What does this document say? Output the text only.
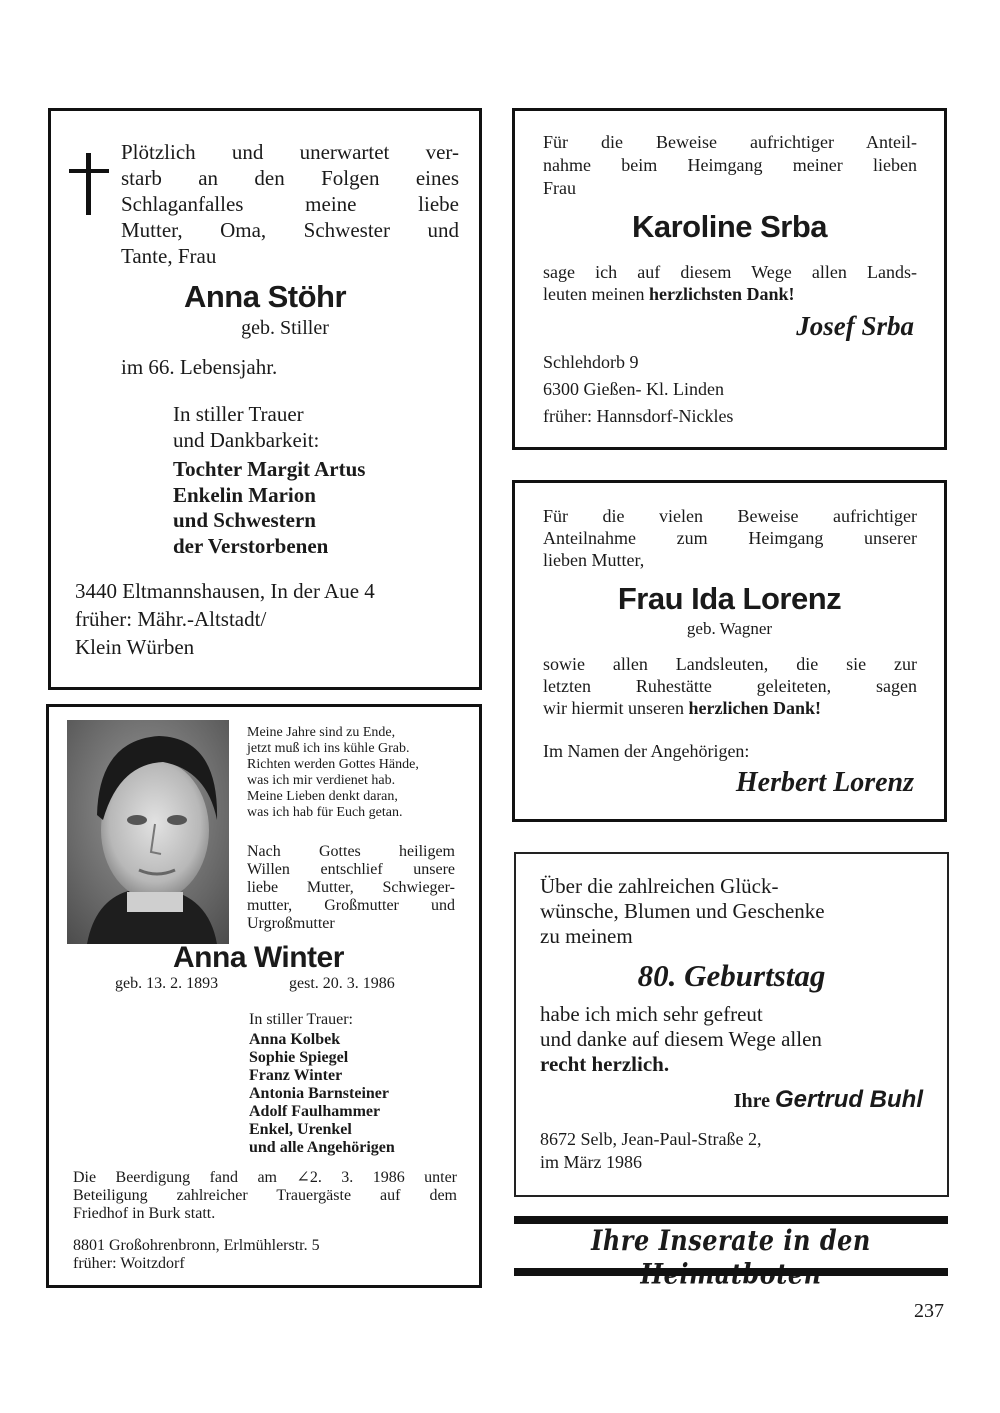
Plötzlich und unerwartet ver-
starb an den Folgen eines
Schlaganfalles meine liebe
Mutter, Oma, Schwester und
Tante, Frau
Anna Stöhr
geb. Stiller
im 66. Lebensjahr.
In stiller Trauer
und Dankbarkeit:
Tochter Margit Artus
Enkelin Marion
und Schwestern
der Verstorbenen
3440 Eltmannshausen, In der Aue 4
früher: Mähr.-Altstadt/
Klein Würben
Für die Beweise aufrichtiger Anteil-
nahme beim Heimgang meiner lieben
Frau
Karoline Srba
sage ich auf diesem Wege allen Lands-
leuten meinen herzlichsten Dank!
Josef Srba
Schlehdorb 9
6300 Gießen- Kl. Linden
früher: Hannsdorf-Nickles
Für die vielen Beweise aufrichtiger
Anteilnahme zum Heimgang unserer
lieben Mutter,
Frau Ida Lorenz
geb. Wagner
sowie allen Landsleuten, die sie zur
letzten Ruhestätte geleiteten, sagen
wir hiermit unseren herzlichen Dank!
Im Namen der Angehörigen:
Herbert Lorenz
Meine Jahre sind zu Ende,
jetzt muß ich ins kühle Grab.
Richten werden Gottes Hände,
was ich mir verdienet hab.
Meine Lieben denkt daran,
was ich hab für Euch getan.
Nach Gottes heiligem
Willen entschlief unsere
liebe Mutter, Schwieger-
mutter, Großmutter und
Urgroßmutter
Anna Winter
geb. 13. 2. 1893	gest. 20. 3. 1986
In stiller Trauer:
Anna Kolbek
Sophie Spiegel
Franz Winter
Antonia Barnsteiner
Adolf Faulhammer
Enkel, Urenkel
und alle Angehörigen
Die Beerdigung fand am ∠2. 3. 1986 unter
Beteiligung zahlreicher Trauergäste auf dem
Friedhof in Burk statt.
8801 Großohrenbronn, Erlmühlerstr. 5
früher: Woitzdorf
Über die zahlreichen Glück-
wünsche, Blumen und Geschenke
zu meinem
80. Geburtstag
habe ich mich sehr gefreut
und danke auf diesem Wege allen
recht herzlich.
Ihre Gertrud Buhl
8672 Selb, Jean-Paul-Straße 2,
im März 1986
Ihre Inserate in den
237
